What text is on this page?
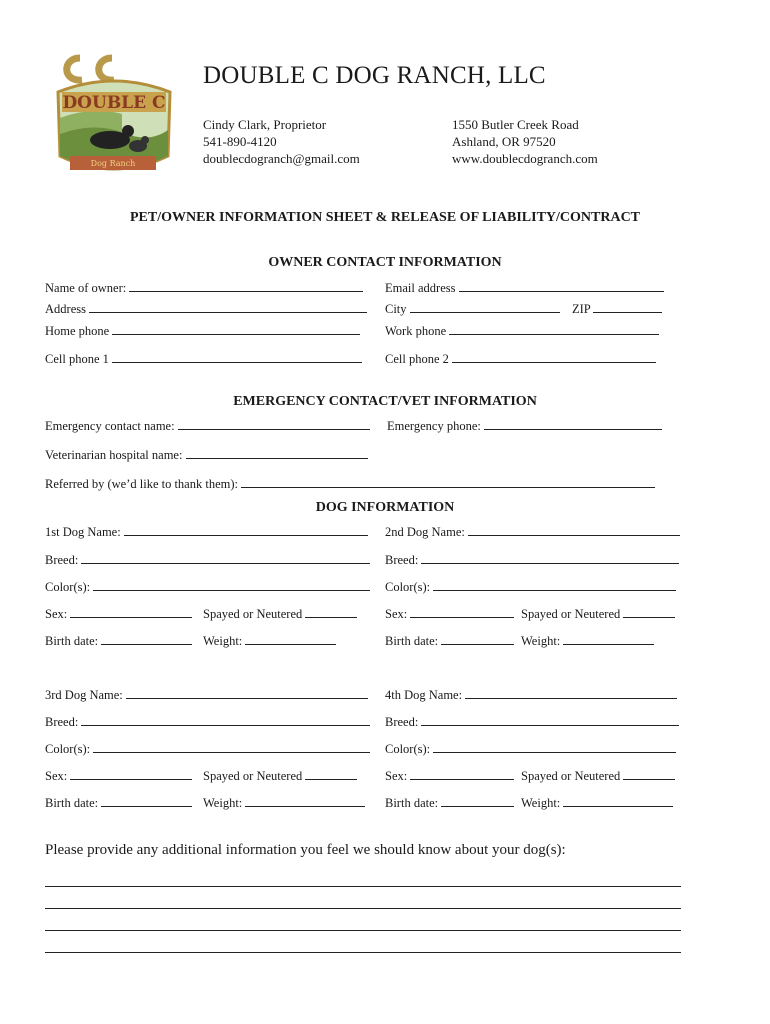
Dog Ranch
DOUBLE C
DOUBLE C DOG RANCH, LLC
Cindy Clark, Proprietor
541-890-4120
doublecdogranch@gmail.com
1550 Butler Creek Road
Ashland, OR 97520
www.doublecdogranch.com
PET/OWNER INFORMATION SHEET & RELEASE OF LIABILITY/CONTRACT
OWNER CONTACT INFORMATION
Name of owner:	Email address
Address	City	ZIP
Home phone	Work phone
Cell phone 1	Cell phone 2
EMERGENCY CONTACT/VET INFORMATION
Emergency contact name:	Emergency phone:
Veterinarian hospital name:
Referred by (we’d like to thank them):
DOG INFORMATION
1st Dog Name:	2nd Dog Name:
Breed:	Breed:
Color(s):	Color(s):
Sex:	Spayed or Neutered	Sex:	Spayed or Neutered
Birth date:	Weight:	Birth date:	Weight:
3rd Dog Name:	4th Dog Name:
Breed:	Breed:
Color(s):	Color(s):
Sex:	Spayed or Neutered	Sex:	Spayed or Neutered
Birth date:	Weight:	Birth date:	Weight:
Please provide any additional information you feel we should know about your dog(s):
